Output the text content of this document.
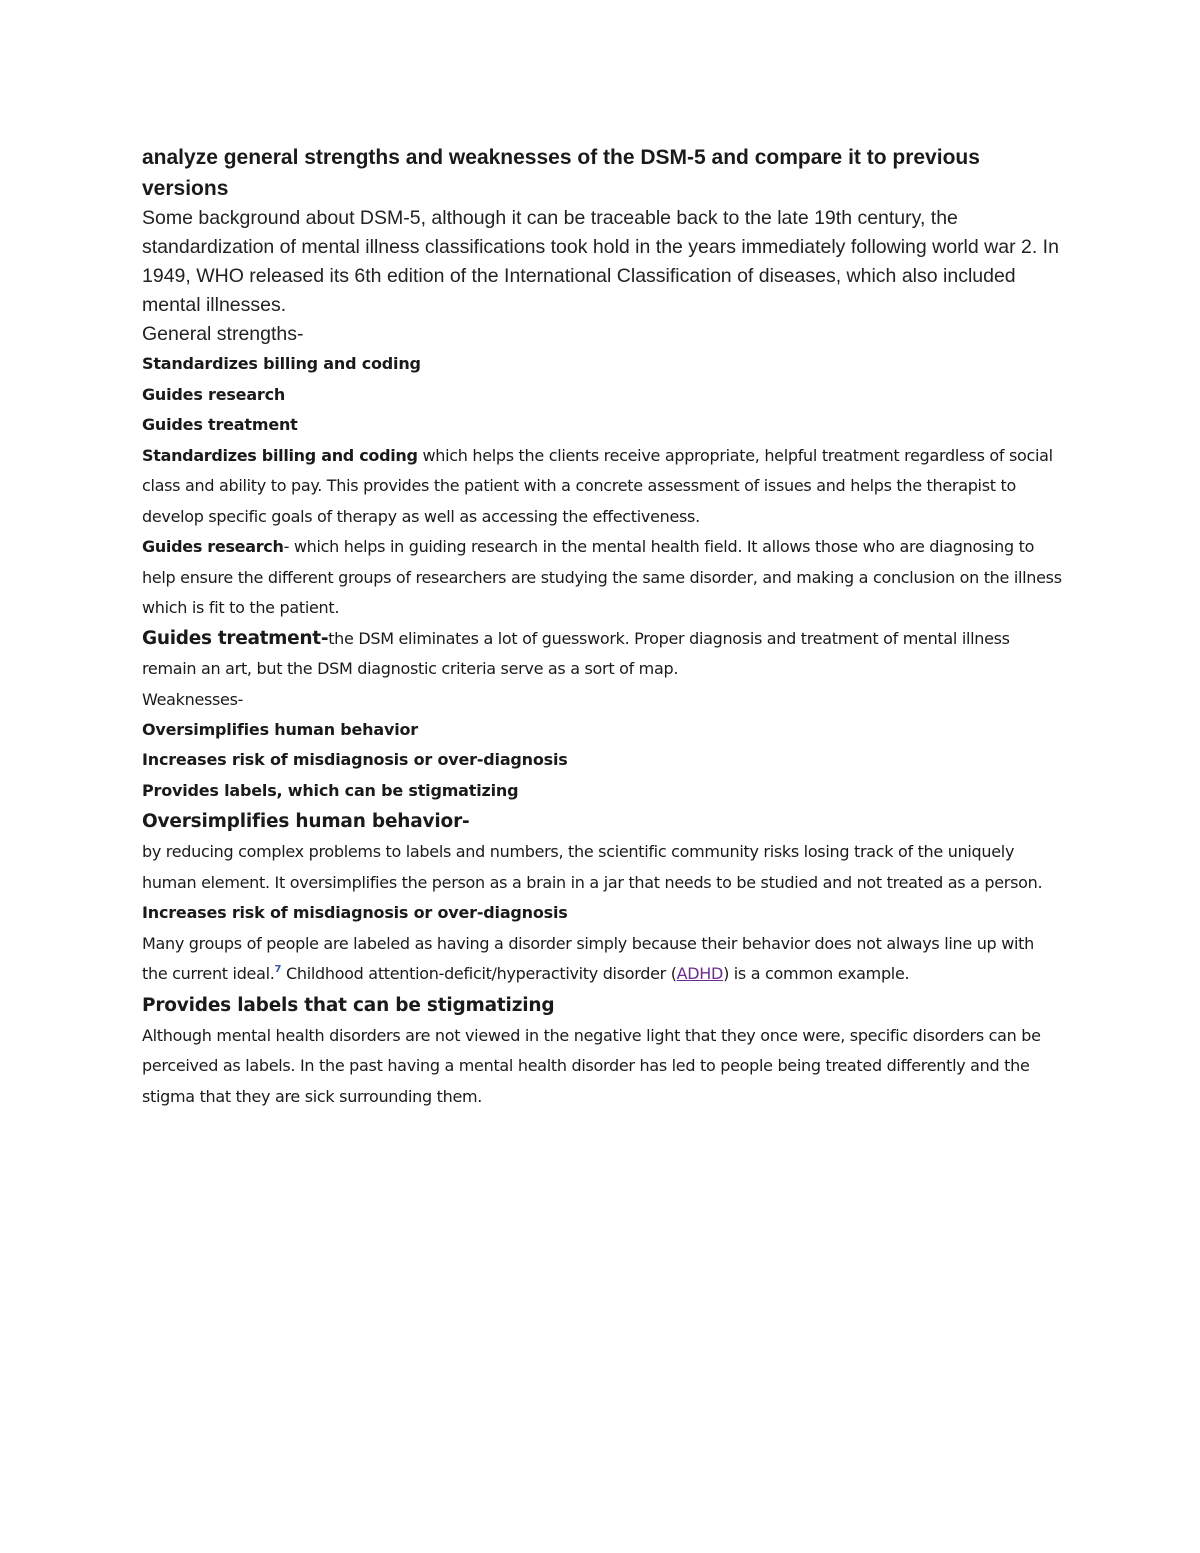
analyze general strengths and weaknesses of the DSM-5 and compare it to previous versions

Some background about DSM-5, although it can be traceable back to the late 19th century, the standardization of mental illness classifications took hold in the years immediately following world war 2. In 1949, WHO released its 6th edition of the International Classification of diseases, which also included mental illnesses.

General strengths-

Standardizes billing and coding

Guides research

Guides treatment

Standardizes billing and coding which helps the clients receive appropriate, helpful treatment regardless of social class and ability to pay. This provides the patient with a concrete assessment of issues and helps the therapist to develop specific goals of therapy as well as accessing the effectiveness.

Guides research- which helps in guiding research in the mental health field. It allows those who are diagnosing to help ensure the different groups of researchers are studying the same disorder, and making a conclusion on the illness which is fit to the patient.

Guides treatment-the DSM eliminates a lot of guesswork. Proper diagnosis and treatment of mental illness remain an art, but the DSM diagnostic criteria serve as a sort of map.

Weaknesses-

Oversimplifies human behavior

Increases risk of misdiagnosis or over-diagnosis

Provides labels, which can be stigmatizing

Oversimplifies human behavior-

by reducing complex problems to labels and numbers, the scientific community risks losing track of the uniquely human element. It oversimplifies the person as a brain in a jar that needs to be studied and not treated as a person.

Increases risk of misdiagnosis or over-diagnosis

Many groups of people are labeled as having a disorder simply because their behavior does not always line up with the current ideal.$^7$ Childhood attention-deficit/hyperactivity disorder (ADHD) is a common example.

Provides labels that can be stigmatizing

Although mental health disorders are not viewed in the negative light that they once were, specific disorders can be perceived as labels. In the past having a mental health disorder has led to people being treated differently and the stigma that they are sick surrounding them.
